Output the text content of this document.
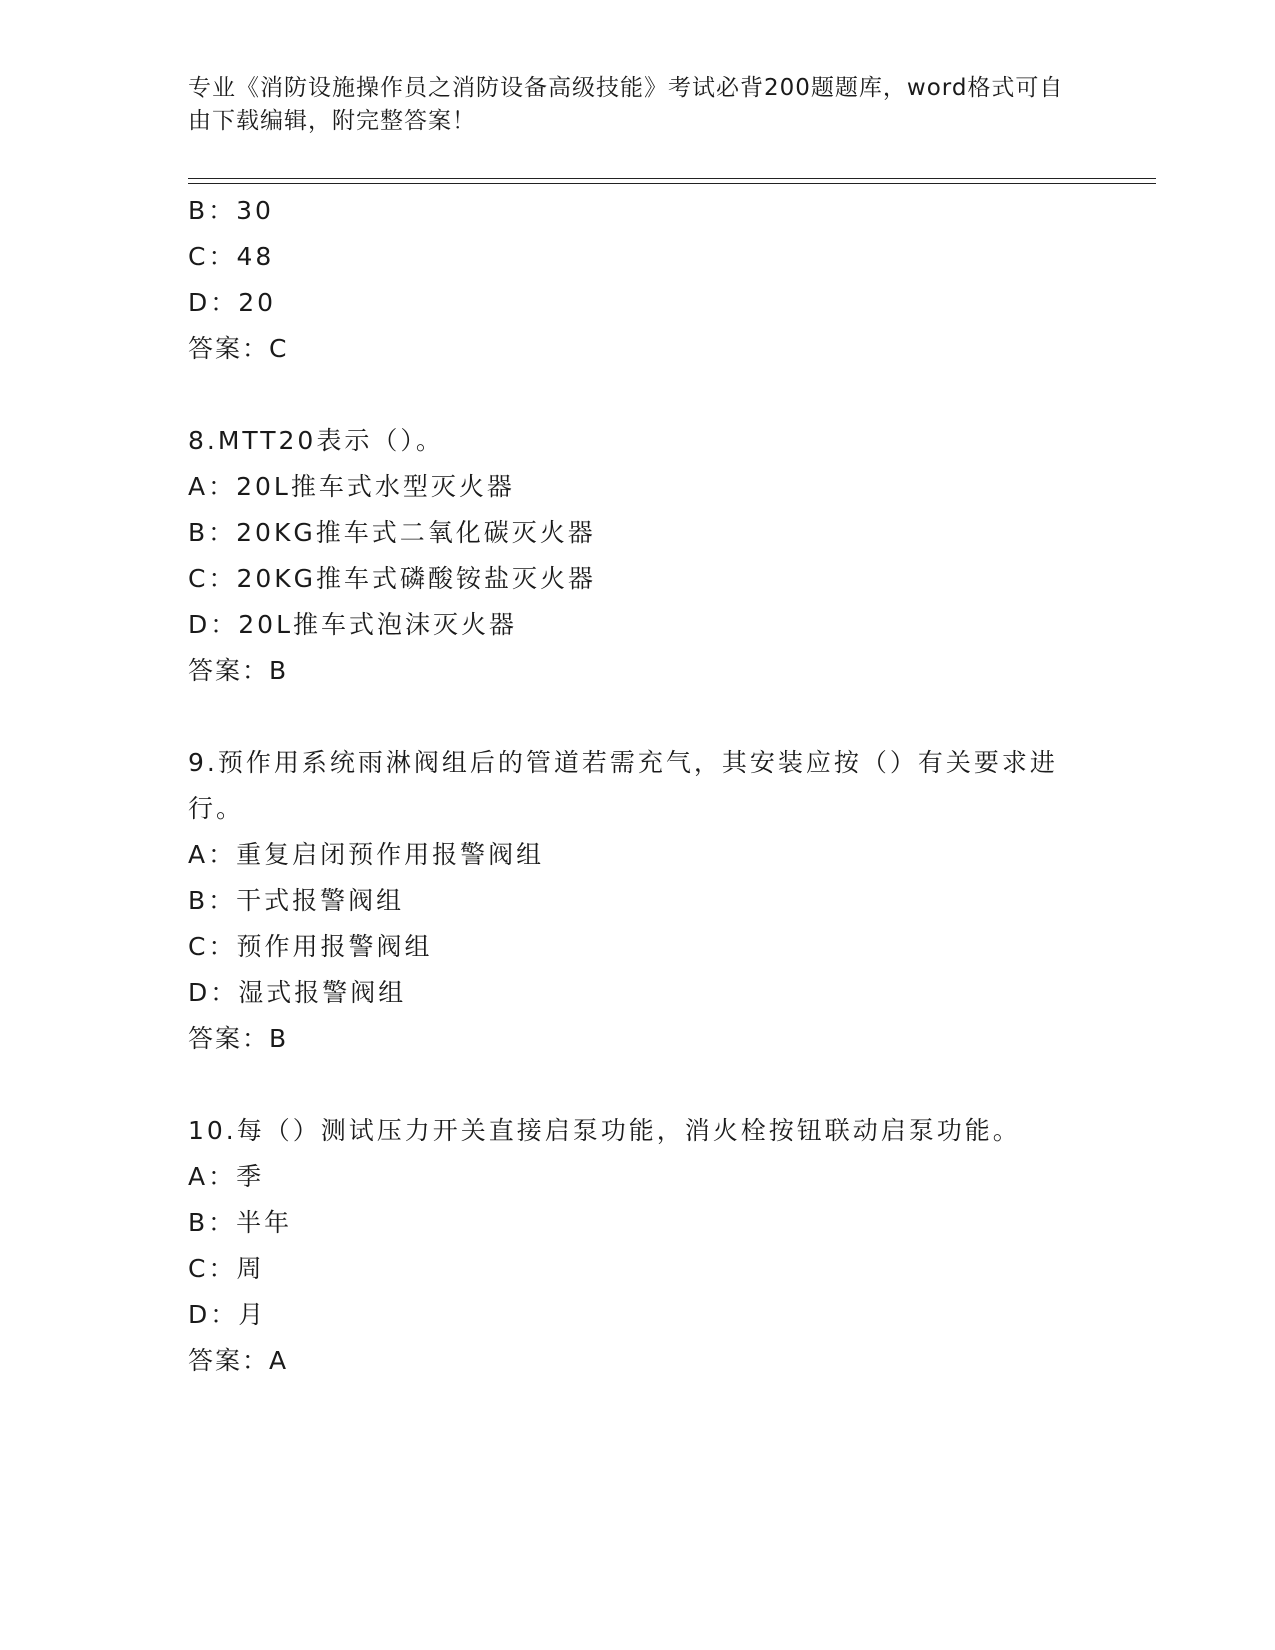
专业《消防设施操作员之消防设备高级技能》考试必背200题题库，word格式可自由下载编辑，附完整答案！
B：30
C：48
D：20
答案：C
8.MTT20表示（）。
A：20L推车式水型灭火器
B：20KG推车式二氧化碳灭火器
C：20KG推车式磷酸铵盐灭火器
D：20L推车式泡沫灭火器
答案：B
9.预作用系统雨淋阀组后的管道若需充气，其安装应按（）有关要求进行。
A：重复启闭预作用报警阀组
B：干式报警阀组
C：预作用报警阀组
D：湿式报警阀组
答案：B
10.每（）测试压力开关直接启泵功能，消火栓按钮联动启泵功能。
A：季
B：半年
C：周
D：月
答案：A
